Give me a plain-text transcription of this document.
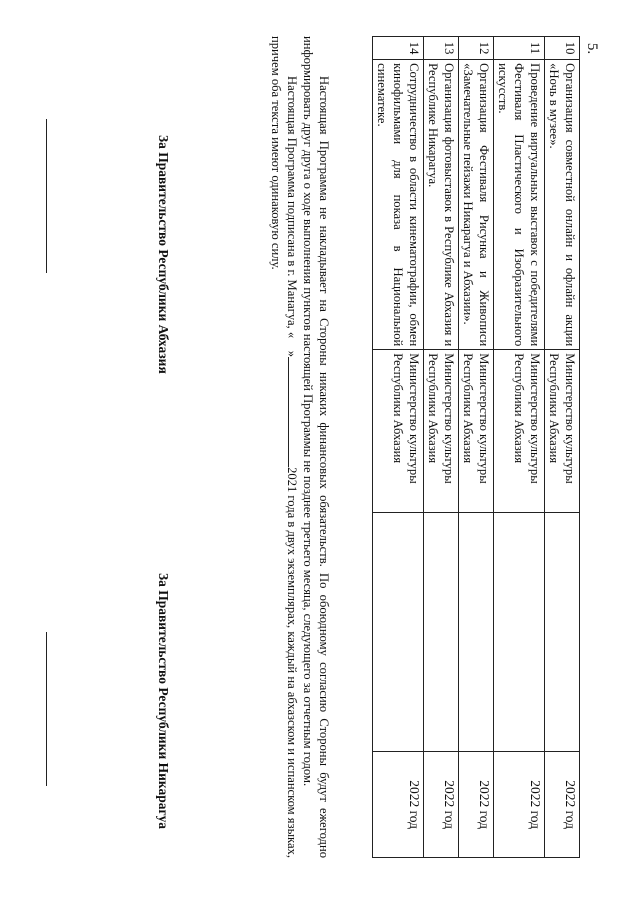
5.
10	Организация совместной онлайн и офлайн акции «Ночь в музее».	Министерство культуры Республики Абхазия		2022 год
11	Проведение виртуальных выставок с победителями Фестиваля Пластического и Изобразительного искусств.	Министерство культуры Республики Абхазия		2022 год
12	Организация Фестиваля Рисунка и Живописи «Замечательные пейзажи Никарагуа и Абхазии».	Министерство культуры Республики Абхазия		2022 год
13	Организация фотовыставок в Республике Абхазия и Республике Никарагуа.	Министерство культуры Республики Абхазия		2022 год
14	Сотрудничество в области кинематографии, обмен кинофильмами для показа в Национальной синематеке.	Министерство культуры Республики Абхазия		2022 год

Настоящая Программа не накладывает на Стороны никаких финансовых обязательств. По обоюдному согласию Стороны будут ежегодно информировать друг друга о ходе выполнения пунктов настоящей Программы не позднее третьего месяца, следующего за отчетным годом.

Настоящая Программа подписана в г. Манагуа, «    »2021 года в двух экземплярах, каждый на абхазском и испанском языках, причем оба текста имеют одинаковую силу.

За Правительство Республики Абхазия
За Правительство Республики Никарагуа
